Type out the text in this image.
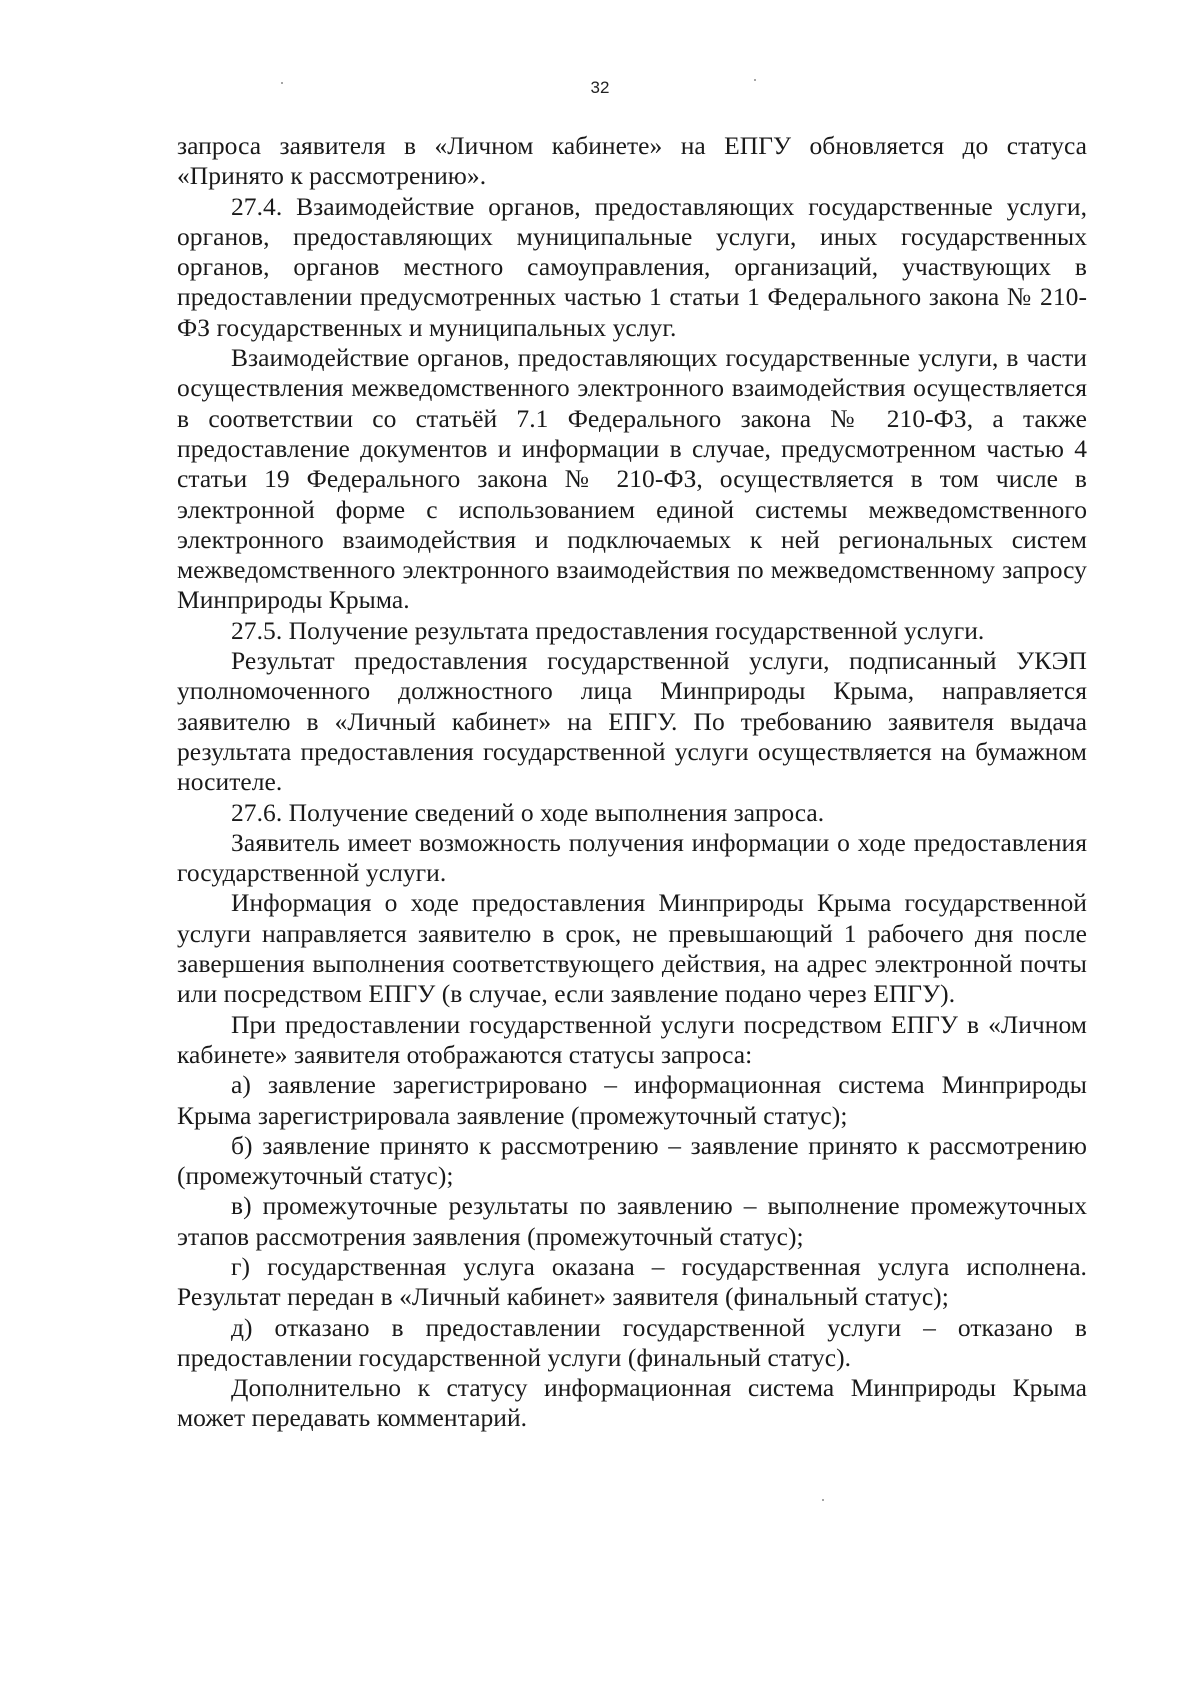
32

запроса заявителя в «Личном кабинете» на ЕПГУ обновляется до статуса «Принято к рассмотрению».

27.4. Взаимодействие органов, предоставляющих государственные услуги, органов, предоставляющих муниципальные услуги, иных государственных органов, органов местного самоуправления, организаций, участвующих в предоставлении предусмотренных частью 1 статьи 1 Федерального закона № 210-ФЗ государственных и муниципальных услуг.

Взаимодействие органов, предоставляющих государственные услуги, в части осуществления межведомственного электронного взаимодействия осуществляется в соответствии со статьёй 7.1 Федерального закона № 210-ФЗ, а также предоставление документов и информации в случае, предусмотренном частью 4 статьи 19 Федерального закона № 210-ФЗ, осуществляется в том числе в электронной форме с использованием единой системы межведомственного электронного взаимодействия и подключаемых к ней региональных систем межведомственного электронного взаимодействия по межведомственному запросу Минприроды Крыма.

27.5. Получение результата предоставления государственной услуги.

Результат предоставления государственной услуги, подписанный УКЭП уполномоченного должностного лица Минприроды Крыма, направляется заявителю в «Личный кабинет» на ЕПГУ. По требованию заявителя выдача результата предоставления государственной услуги осуществляется на бумажном носителе.

27.6. Получение сведений о ходе выполнения запроса.

Заявитель имеет возможность получения информации о ходе предоставления государственной услуги.

Информация о ходе предоставления Минприроды Крыма государственной услуги направляется заявителю в срок, не превышающий 1 рабочего дня после завершения выполнения соответствующего действия, на адрес электронной почты или посредством ЕПГУ (в случае, если заявление подано через ЕПГУ).

При предоставлении государственной услуги посредством ЕПГУ в «Личном кабинете» заявителя отображаются статусы запроса:

а) заявление зарегистрировано – информационная система Минприроды Крыма зарегистрировала заявление (промежуточный статус);

б) заявление принято к рассмотрению – заявление принято к рассмотрению (промежуточный статус);

в) промежуточные результаты по заявлению – выполнение промежуточных этапов рассмотрения заявления (промежуточный статус);

г) государственная услуга оказана – государственная услуга исполнена. Результат передан в «Личный кабинет» заявителя (финальный статус);

д) отказано в предоставлении государственной услуги – отказано в предоставлении государственной услуги (финальный статус).

Дополнительно к статусу информационная система Минприроды Крыма может передавать комментарий.
